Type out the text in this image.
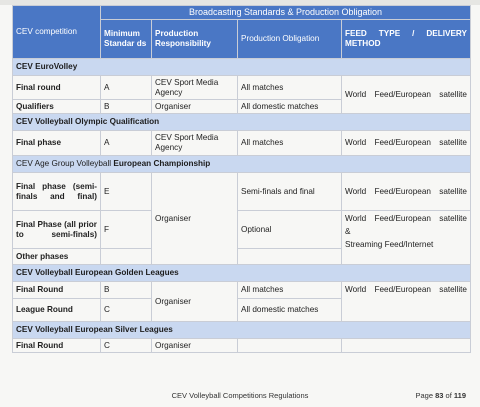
CEV competition	Broadcasting Standards & Production Obligation			
	Minimum Standar ds	Production Responsibility	Production Obligation	FEED TYPE / DELIVERY METHOD
CEV EuroVolley				
Final round	A	CEV Sport Media Agency	All matches	World Feed/European satellite
Qualifiers	B	Organiser	All domestic matches	
CEV Volleyball Olympic Qualification				
Final phase	A	CEV Sport Media Agency	All matches	World Feed/European satellite
CEV Age Group Volleyball European Championship				
Final phase (semi-finals and final)	E	Organiser	Semi-finals and final	World Feed/European satellite
Final Phase (all prior to semi-finals)	F		Optional	World Feed/European satellite
&
Streaming Feed/Internet

Other phases				
CEV Volleyball European Golden Leagues				
Final Round	B	Organiser	All matches	World Feed/European satellite
League Round	C		All domestic matches	
CEV Volleyball European Silver Leagues				
Final Round	C	Organiser		
CEV Volleyball Competitions Regulations	Page 83 of 119
